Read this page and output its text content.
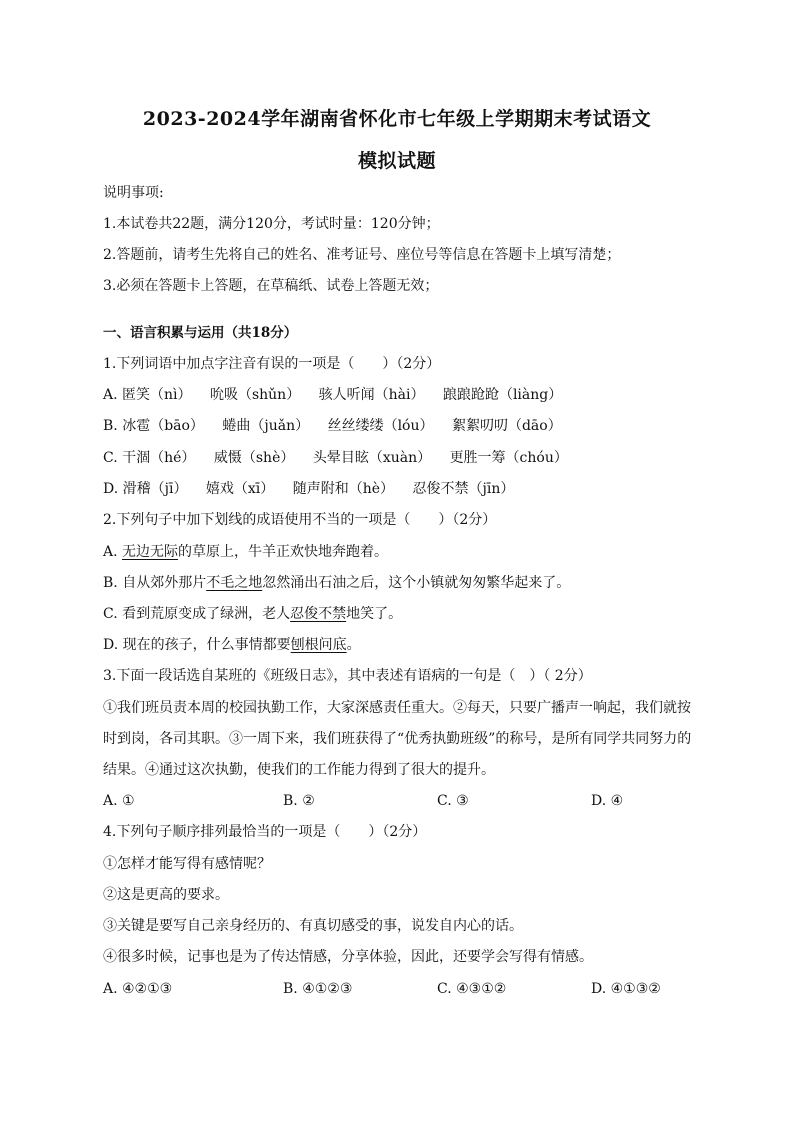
2023-2024学年湖南省怀化市七年级上学期期末考试语文
模拟试题
说明事项:
1.本试卷共22题，满分120分，考试时量：120分钟；
2.答题前，请考生先将自己的姓名、准考证号、座位号等信息在答题卡上填写清楚；
3.必须在答题卡上答题，在草稿纸、试卷上答题无效；
一、语言积累与运用（共18分）
1.下列词语中加点字注音有误的一项是（　　）（2分）
A. 匿笑（nì） 吮吸（shǔn） 骇人听闻（hài） 踉踉跄跄（liàng）
B. 冰雹（bāo） 蜷曲（juǎn） 丝丝缕缕（lóu） 絮絮叨叨（dāo）
C. 干涸（hé） 威慑（shè） 头晕目眩（xuàn） 更胜一筹（chóu）
D. 滑稽（jī） 嬉戏（xī） 随声附和（hè） 忍俊不禁（jīn）
2.下列句子中加下划线的成语使用不当的一项是（　　）（2分）
A. 无边无际的草原上，牛羊正欢快地奔跑着。
B. 自从郊外那片不毛之地忽然涌出石油之后，这个小镇就匆匆繁华起来了。
C. 看到荒原变成了绿洲，老人忍俊不禁地笑了。
D. 现在的孩子，什么事情都要刨根问底。
3.下面一段话选自某班的《班级日志》，其中表述有语病的一句是（　）（ 2分）
①我们班员责本周的校园执勤工作，大家深感责任重大。②每天，只要广播声一响起，我们就按
时到岗，各司其职。③一周下来，我们班获得了“优秀执勤班级”的称号，是所有同学共同努力的
结果。④通过这次执勤，使我们的工作能力得到了很大的提升。
A. ①	B. ②	C. ③	D. ④
4.下列句子顺序排列最恰当的一项是（　　）（2分）
①怎样才能写得有感情呢？
②这是更高的要求。
③关键是要写自己亲身经历的、有真切感受的事，说发自内心的话。
④很多时候，记事也是为了传达情感，分享体验，因此，还要学会写得有情感。
A. ④②①③	B. ④①②③	C. ④③①②	D. ④①③②
